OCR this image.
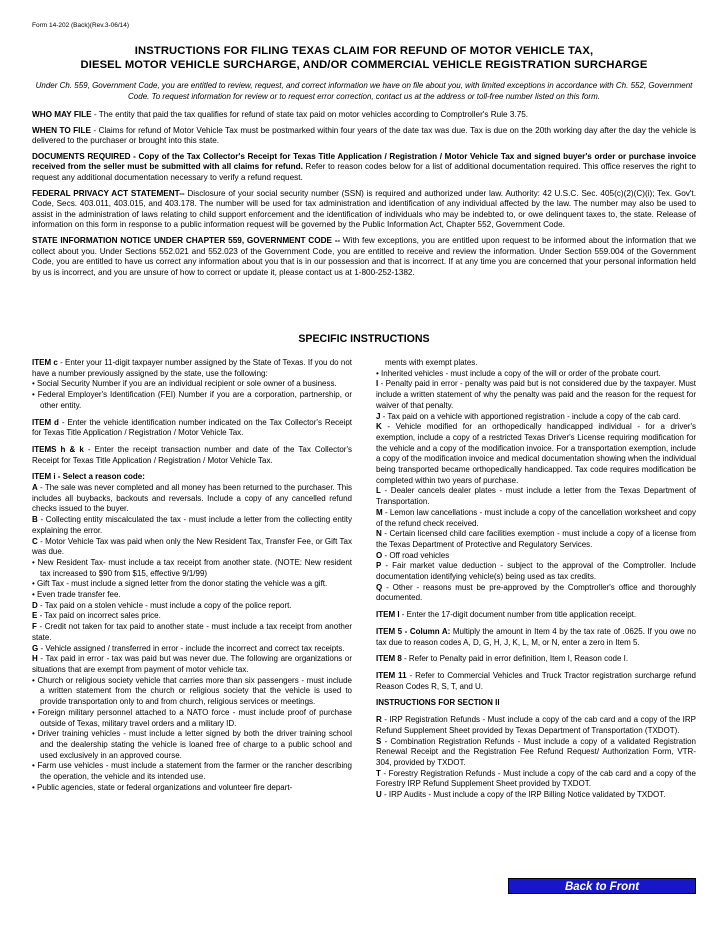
Form 14-202 (Back)(Rev.3-06/14)
INSTRUCTIONS FOR FILING TEXAS CLAIM FOR REFUND OF MOTOR VEHICLE TAX,
DIESEL MOTOR VEHICLE SURCHARGE, AND/OR COMMERCIAL VEHICLE REGISTRATION SURCHARGE
Under Ch. 559, Government Code, you are entitled to review, request, and correct information we have on file about you, with limited exceptions in accordance with Ch. 552, Government Code. To request information for review or to request error correction, contact us at the address or toll-free number listed on this form.

WHO MAY FILE - The entity that paid the tax qualifies for refund of state tax paid on motor vehicles according to Comptroller's Rule 3.75.

WHEN TO FILE - Claims for refund of Motor Vehicle Tax must be postmarked within four years of the date tax was due. Tax is due on the 20th working day after the day the vehicle is delivered to the purchaser or brought into this state.

DOCUMENTS REQUIRED - Copy of the Tax Collector's Receipt for Texas Title Application / Registration / Motor Vehicle Tax and signed buyer's order or purchase invoice received from the seller must be submitted with all claims for refund. Refer to reason codes below for a list of additional documentation required. This office reserves the right to request any additional documentation necessary to verify a refund request.

FEDERAL PRIVACY ACT STATEMENT-- Disclosure of your social security number (SSN) is required and authorized under law. Authority: 42 U.S.C. Sec. 405(c)(2)(C)(i); Tex. Gov't. Code, Secs. 403.011, 403.015, and 403.178. The number will be used for tax administration and identification of any individual affected by the law. The number may also be used to assist in the administration of laws relating to child support enforcement and the identification of individuals who may be indebted to, or owe delinquent taxes to, the state. Release of information on this form in response to a public information request will be governed by the Public Information Act, Chapter 552, Government Code.

STATE INFORMATION NOTICE UNDER CHAPTER 559, GOVERNMENT CODE -- With few exceptions, you are entitled upon request to be informed about the information that we collect about you. Under Sections 552.021 and 552.023 of the Government Code, you are entitled to receive and review the information. Under Section 559.004 of the Government Code, you are entitled to have us correct any information about you that is in our possession and that is incorrect. If at any time you are concerned that your personal information held by us is incorrect, and you are unsure of how to correct or update it, please contact us at 1-800-252-1382.

SPECIFIC INSTRUCTIONS

ITEM c - Enter your 11-digit taxpayer number assigned by the State of Texas. If you do not have a number previously assigned by the state, use the following:

• Social Security Number if you are an individual recipient or sole owner of a business.

• Federal Employer's Identification (FEI) Number if you are a corporation, partnership, or other entity.

ITEM d - Enter the vehicle identification number indicated on the Tax Collector's Receipt for Texas Title Application / Registration / Motor Vehicle Tax.

ITEMS h & k - Enter the receipt transaction number and date of the Tax Collector's Receipt for Texas Title Application / Registration / Motor Vehicle Tax.

ITEM i - Select a reason code:

A - The sale was never completed and all money has been returned to the purchaser. This includes all buybacks, backouts and reversals. Include a copy of any cancelled refund checks issued to the buyer.

B - Collecting entity miscalculated the tax - must include a letter from the collecting entity explaining the error.

C - Motor Vehicle Tax was paid when only the New Resident Tax, Transfer Fee, or Gift Tax was due.

• New Resident Tax- must include a tax receipt from another state. (NOTE: New resident tax increased to $90 from $15, effective 9/1/99)

• Gift Tax - must include a signed letter from the donor stating the vehicle was a gift.

• Even trade transfer fee.

D - Tax paid on a stolen vehicle - must include a copy of the police report.

E - Tax paid on incorrect sales price.

F - Credit not taken for tax paid to another state - must include a tax receipt from another state.

G - Vehicle assigned / transferred in error - include the incorrect and correct tax receipts.

H - Tax paid in error - tax was paid but was never due. The following are organizations or situations that are exempt from payment of motor vehicle tax.

• Church or religious society vehicle that carries more than six passengers - must include a written statement from the church or religious society that the vehicle is used to provide transportation only to and from church, religious services or meetings.

• Foreign military personnel attached to a NATO force - must include proof of purchase outside of Texas, military travel orders and a military ID.

• Driver training vehicles - must include a letter signed by both the driver training school and the dealership stating the vehicle is loaned free of charge to a public school and used exclusively in an approved course.

• Farm use vehicles - must include a statement from the farmer or the rancher describing the operation, the vehicle and its intended use.

• Public agencies, state or federal organizations and volunteer fire depart-

ments with exempt plates.

• Inherited vehicles - must include a copy of the will or order of the probate court.

I - Penalty paid in error - penalty was paid but is not considered due by the taxpayer. Must include a written statement of why the penalty was paid and the reason for the request for waiver of that penalty.

J - Tax paid on a vehicle with apportioned registration - include a copy of the cab card.

K - Vehicle modified for an orthopedically handicapped individual - for a driver's exemption, include a copy of a restricted Texas Driver's License requiring modification for the vehicle and a copy of the modification invoice. For a transportation exemption, include a copy of the modification invoice and medical documentation showing when the individual being transported became orthopedically handicapped. Tax code requires modification be completed within two years of purchase.

L - Dealer cancels dealer plates - must include a letter from the Texas Department of Transportation.

M - Lemon law cancellations - must include a copy of the cancellation worksheet and copy of the refund check received.

N - Certain licensed child care facilities exemption - must include a copy of a license from the Texas Department of Protective and Regulatory Services.

O - Off road vehicles

P - Fair market value deduction - subject to the approval of the Comptroller. Include documentation identifying vehicle(s) being used as tax credits.

Q - Other - reasons must be pre-approved by the Comptroller's office and thoroughly documented.

ITEM I - Enter the 17-digit document number from title application receipt.

ITEM 5 - Column A: Multiply the amount in Item 4 by the tax rate of .0625. If you owe no tax due to reason codes A, D, G, H, J, K, L, M, or N, enter a zero in Item 5.

ITEM 8 - Refer to Penalty paid in error definition, Item I, Reason code I.

ITEM 11 - Refer to Commercial Vehicles and Truck Tractor registration surcharge refund Reason Codes R, S, T, and U.

INSTRUCTIONS FOR SECTION II

R - IRP Registration Refunds - Must include a copy of the cab card and a copy of the IRP Refund Supplement Sheet provided by Texas Department of Transportation (TXDOT).

S - Combination Registration Refunds - Must include a copy of a validated Registration Renewal Receipt and the Registration Fee Refund Request/ Authorization Form, VTR-304, provided by TXDOT.

T - Forestry Registration Refunds - Must include a copy of the cab card and a copy of the Forestry IRP Refund Supplement Sheet provided by TXDOT.

U - IRP Audits - Must include a copy of the IRP Billing Notice validated by TXDOT.

Back to Front
